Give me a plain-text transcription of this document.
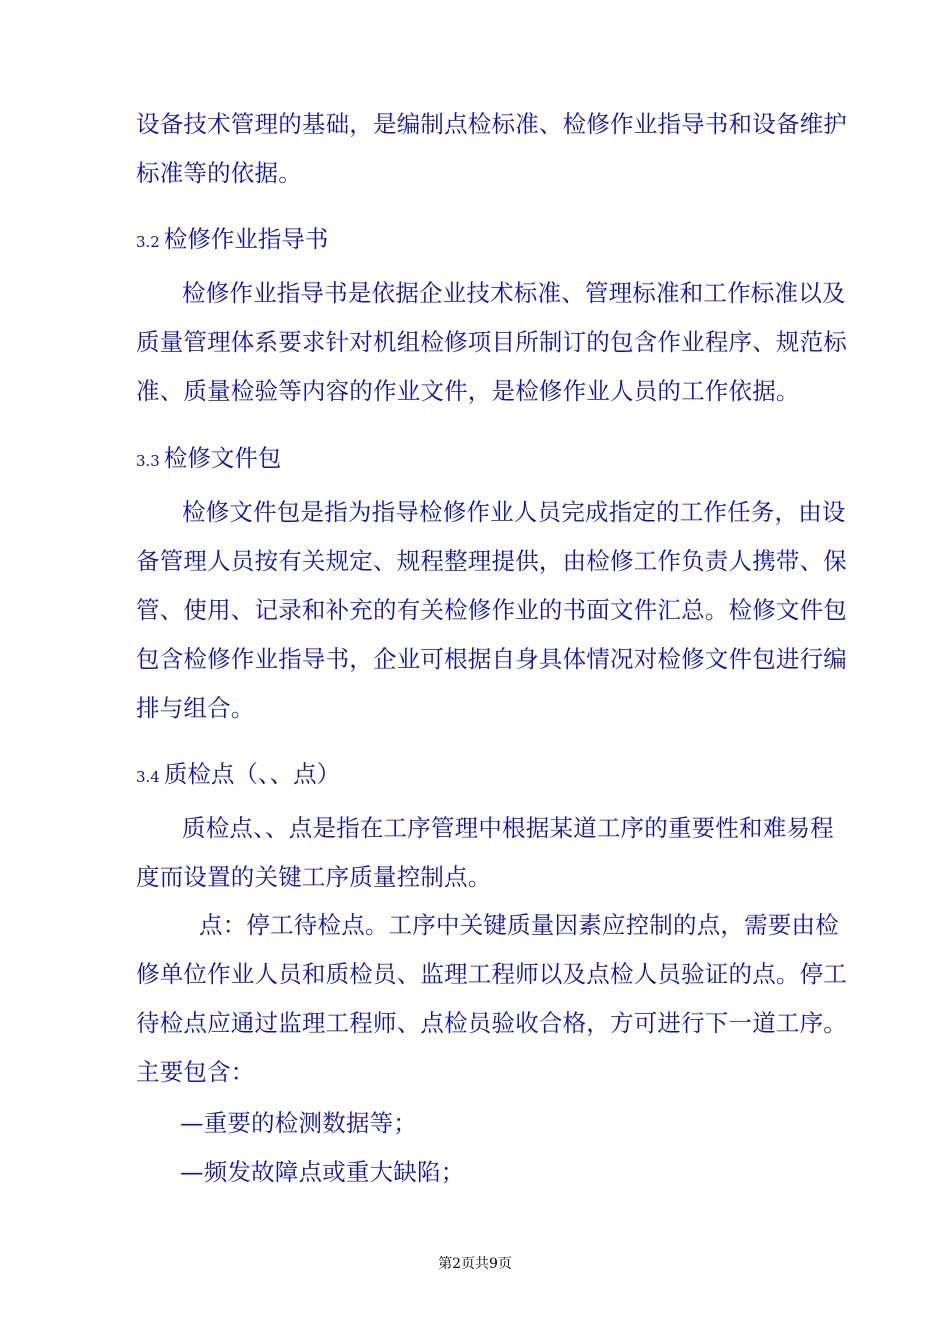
设备技术管理的基础，是编制点检标准、检修作业指导书和设备维护

标准等的依据。

3.2 检修作业指导书

检修作业指导书是依据企业技术标准、管理标准和工作标准以及

质量管理体系要求针对机组检修项目所制订的包含作业程序、规范标

准、质量检验等内容的作业文件，是检修作业人员的工作依据。

3.3 检修文件包

检修文件包是指为指导检修作业人员完成指定的工作任务，由设

备管理人员按有关规定、规程整理提供，由检修工作负责人携带、保

管、使用、记录和补充的有关检修作业的书面文件汇总。检修文件包

包含检修作业指导书，企业可根据自身具体情况对检修文件包进行编

排与组合。

3.4 质检点（、、点）

质检点、、点是指在工序管理中根据某道工序的重要性和难易程

度而设置的关键工序质量控制点。

点：停工待检点。工序中关键质量因素应控制的点，需要由检

修单位作业人员和质检员、监理工程师以及点检人员验证的点。停工

待检点应通过监理工程师、点检员验收合格，方可进行下一道工序。

主要包含：

—重要的检测数据等；

—频发故障点或重大缺陷；

第2页共9页
